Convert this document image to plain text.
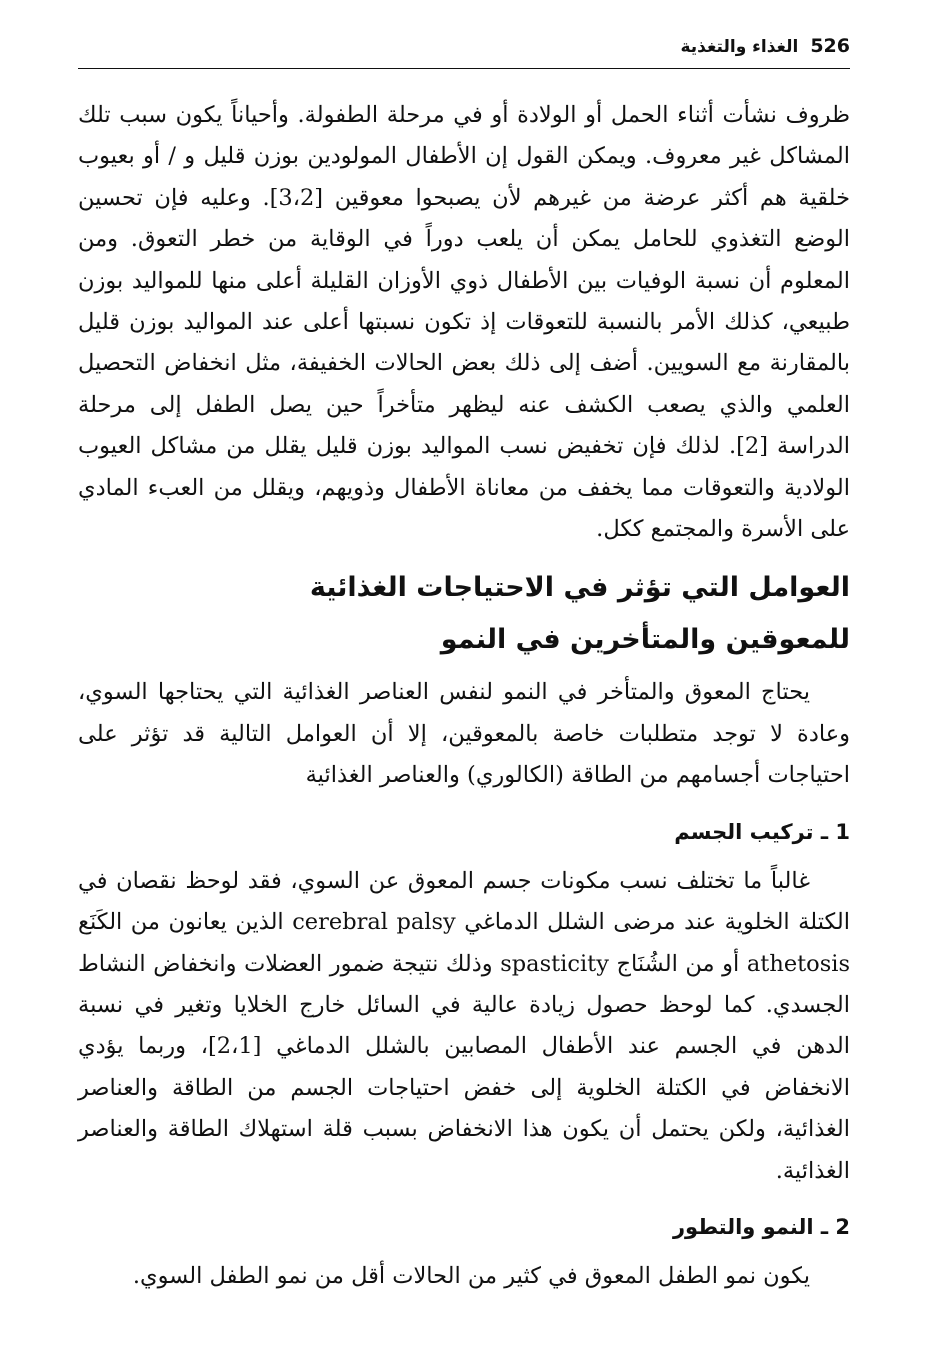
526
الغذاء والتغذية

ظروف نشأت أثناء الحمل أو الولادة أو في مرحلة الطفولة. وأحياناً يكون سبب تلك المشاكل غير معروف. ويمكن القول إن الأطفال المولودين بوزن قليل و / أو بعيوب خلقية هم أكثر عرضة من غيرهم لأن يصبحوا معوقين [3،2]. وعليه فإن تحسين الوضع التغذوي للحامل يمكن أن يلعب دوراً في الوقاية من خطر التعوق. ومن المعلوم أن نسبة الوفيات بين الأطفال ذوي الأوزان القليلة أعلى منها للمواليد بوزن طبيعي، كذلك الأمر بالنسبة للتعوقات إذ تكون نسبتها أعلى عند المواليد بوزن قليل بالمقارنة مع السويين. أضف إلى ذلك بعض الحالات الخفيفة، مثل انخفاض التحصيل العلمي والذي يصعب الكشف عنه ليظهر متأخراً حين يصل الطفل إلى مرحلة الدراسة [2]. لذلك فإن تخفيض نسب المواليد بوزن قليل يقلل من مشاكل العيوب الولادية والتعوقات مما يخفف من معاناة الأطفال وذويهم، ويقلل من العبء المادي على الأسرة والمجتمع ككل.

العوامل التي تؤثر في الاحتياجات الغذائية
للمعوقين والمتأخرين في النمو

يحتاج المعوق والمتأخر في النمو لنفس العناصر الغذائية التي يحتاجها السوي، وعادة لا توجد متطلبات خاصة بالمعوقين، إلا أن العوامل التالية قد تؤثر على احتياجات أجسامهم من الطاقة (الكالوري) والعناصر الغذائية

1 ـ تركيب الجسم

غالباً ما تختلف نسب مكونات جسم المعوق عن السوي، فقد لوحظ نقصان في الكتلة الخلوية عند مرضى الشلل الدماغي cerebral palsy الذين يعانون من الكَنَع athetosis أو من الشُنَاج spasticity وذلك نتيجة ضمور العضلات وانخفاض النشاط الجسدي. كما لوحظ حصول زيادة عالية في السائل خارج الخلايا وتغير في نسبة الدهن في الجسم عند الأطفال المصابين بالشلل الدماغي [2،1]، وربما يؤدي الانخفاض في الكتلة الخلوية إلى خفض احتياجات الجسم من الطاقة والعناصر الغذائية، ولكن يحتمل أن يكون هذا الانخفاض بسبب قلة استهلاك الطاقة والعناصر الغذائية.

2 ـ النمو والتطور

يكون نمو الطفل المعوق في كثير من الحالات أقل من نمو الطفل السوي.
